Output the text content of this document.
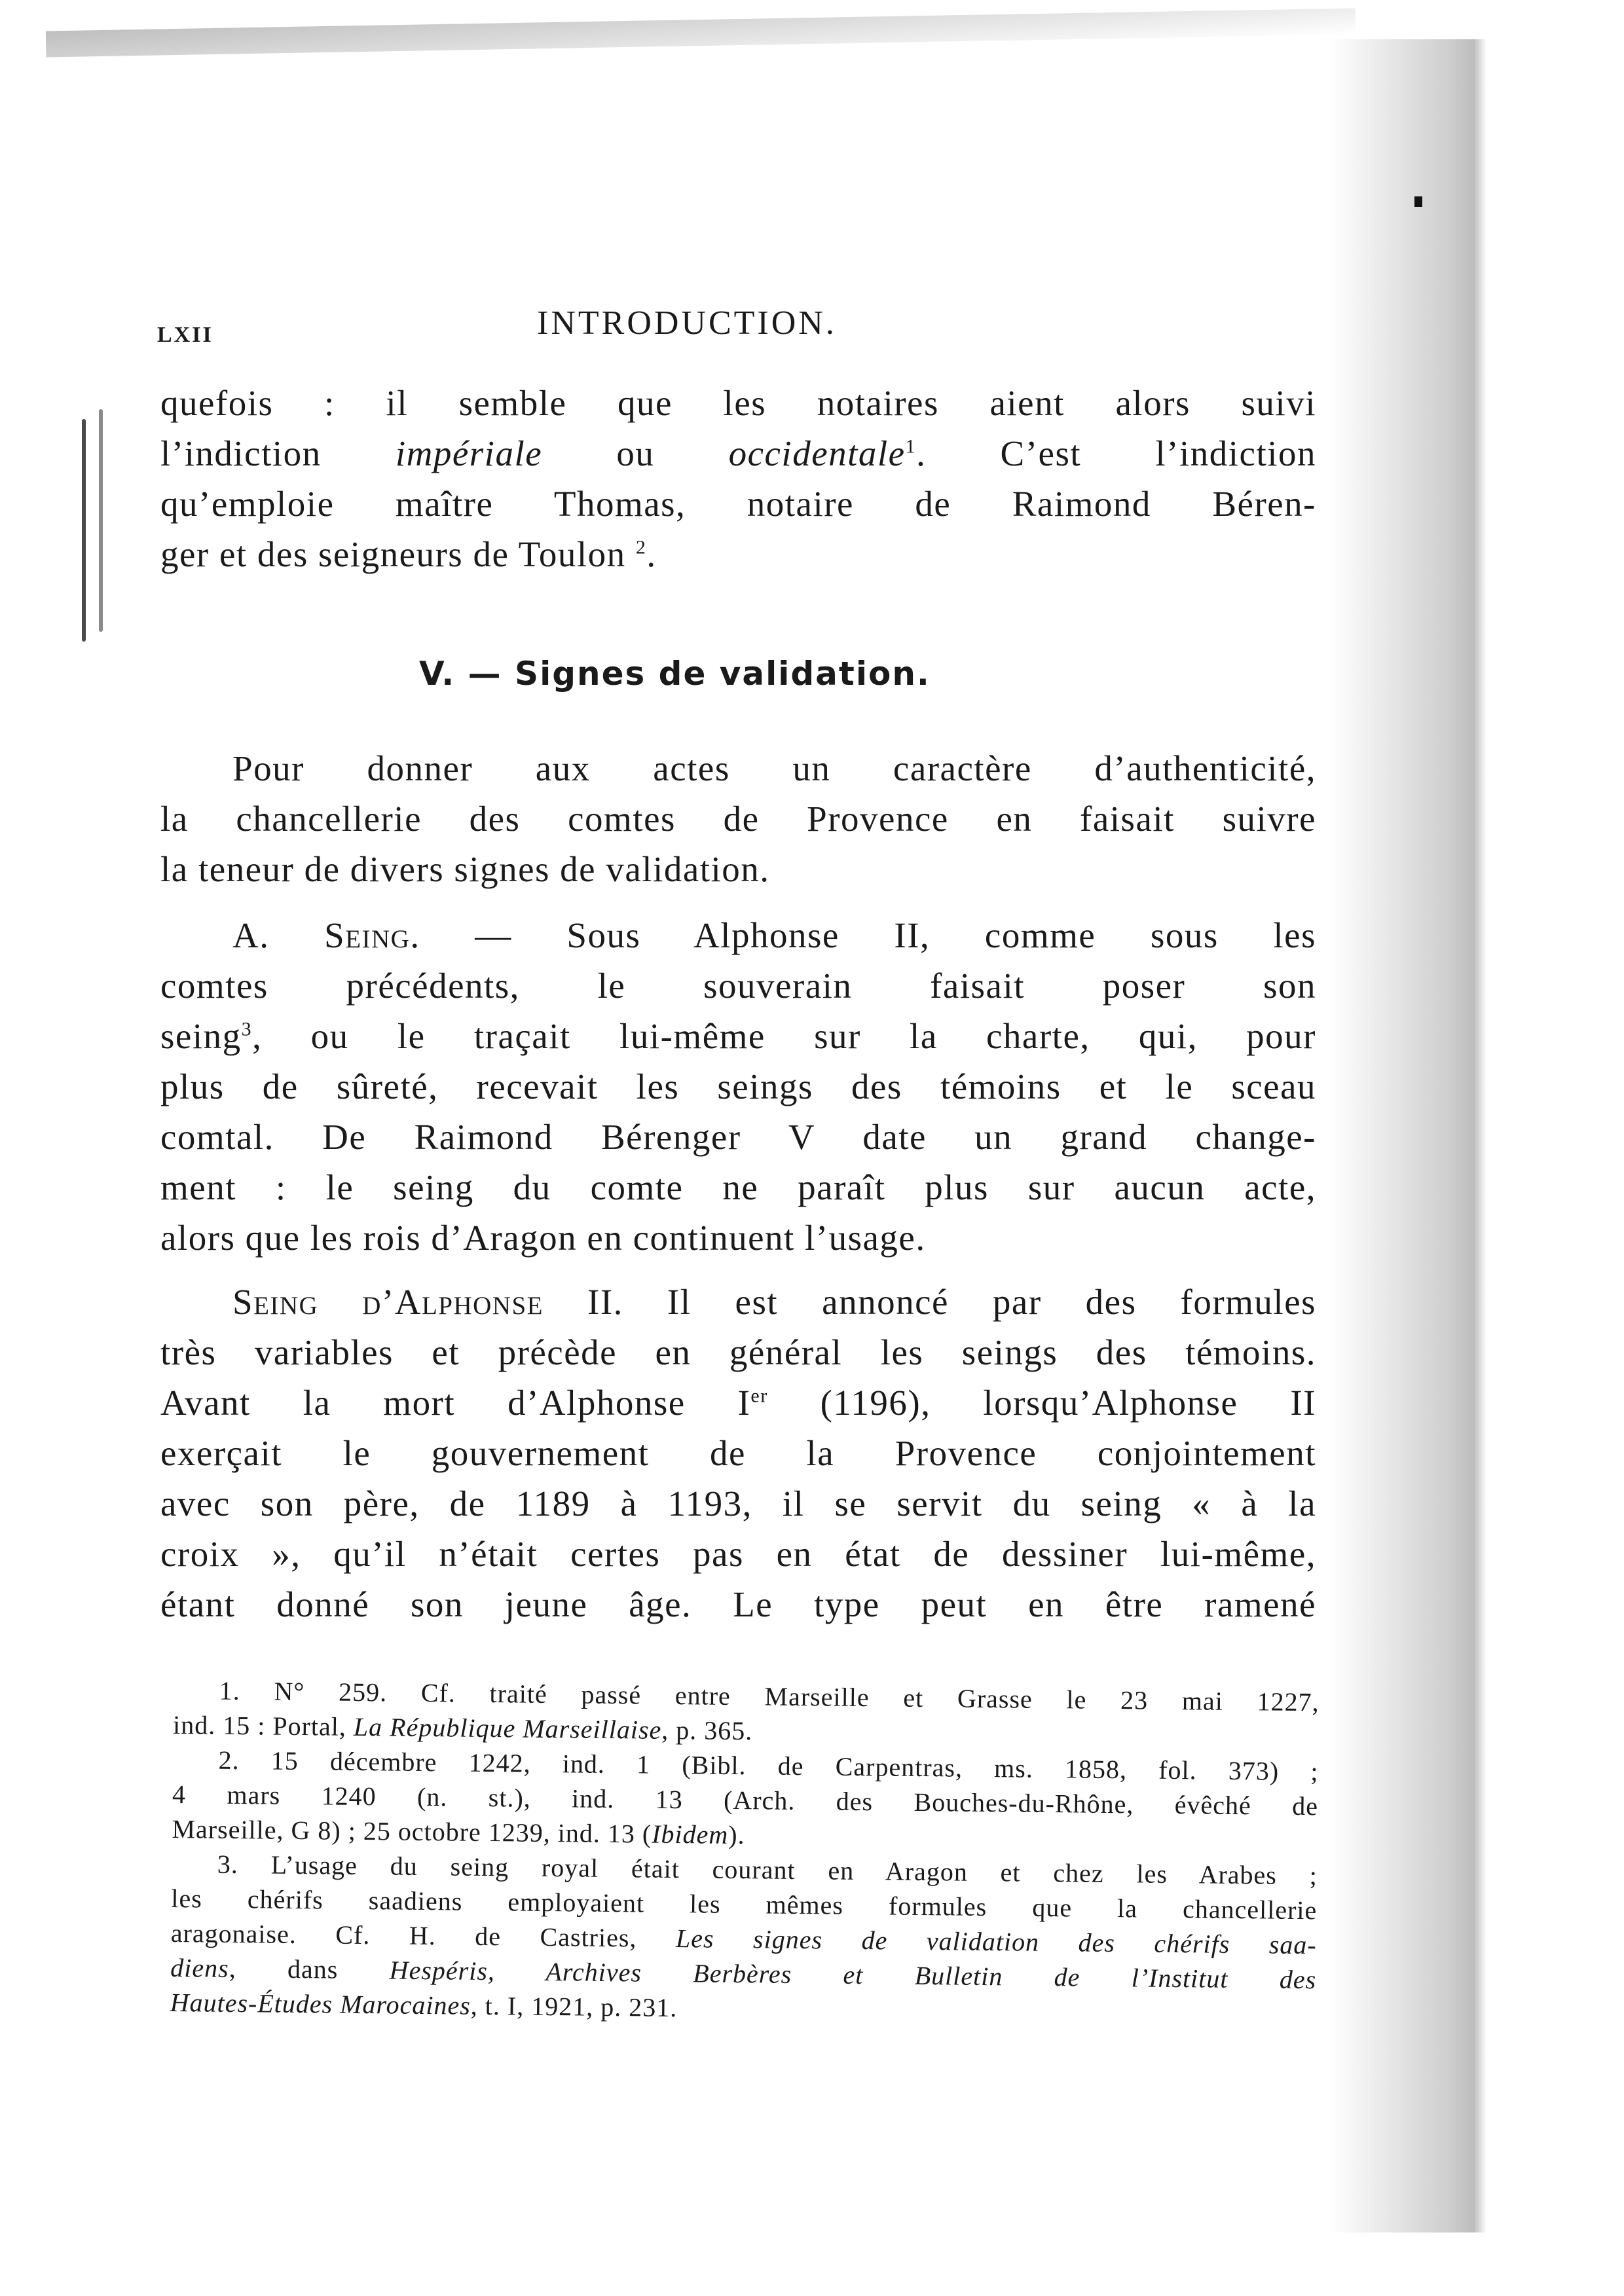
LXII	INTRODUCTION.
quefois : il semble que les notaires aient alors suivi
l’indiction impériale ou occidentale$^1$. C’est l’indiction
qu’emploie maître Thomas, notaire de Raimond Béren-
ger et des seigneurs de Toulon $^2$.
V. — Signes de validation.
Pour donner aux actes un caractère d’authenticité,
la chancellerie des comtes de Provence en faisait suivre
la teneur de divers signes de validation.
A. Seing. — Sous Alphonse II, comme sous les
comtes précédents, le souverain faisait poser son
seing$^3$, ou le traçait lui-même sur la charte, qui, pour
plus de sûreté, recevait les seings des témoins et le sceau
comtal. De Raimond Bérenger V date un grand change-
ment : le seing du comte ne paraît plus sur aucun acte,
alors que les rois d’Aragon en continuent l’usage.
Seing d’Alphonse II. Il est annoncé par des formules
très variables et précède en général les seings des témoins.
Avant la mort d’Alphonse Ier (1196), lorsqu’Alphonse II
exerçait le gouvernement de la Provence conjointement
avec son père, de 1189 à 1193, il se servit du seing « à la
croix », qu’il n’était certes pas en état de dessiner lui-même,
étant donné son jeune âge. Le type peut en être ramené
1. N° 259. Cf. traité passé entre Marseille et Grasse le 23 mai 1227,
ind. 15 : Portal, La République Marseillaise, p. 365.
2. 15 décembre 1242, ind. 1 (Bibl. de Carpentras, ms. 1858, fol. 373) ;
4 mars 1240 (n. st.), ind. 13 (Arch. des Bouches-du-Rhône, évêché de
Marseille, G 8) ; 25 octobre 1239, ind. 13 (Ibidem).
3. L’usage du seing royal était courant en Aragon et chez les Arabes ;
les chérifs saadiens employaient les mêmes formules que la chancellerie
aragonaise. Cf. H. de Castries, Les signes de validation des chérifs saa-
diens, dans Hespéris, Archives Berbères et Bulletin de l’Institut des
Hautes-Études Marocaines, t. I, 1921, p. 231.
